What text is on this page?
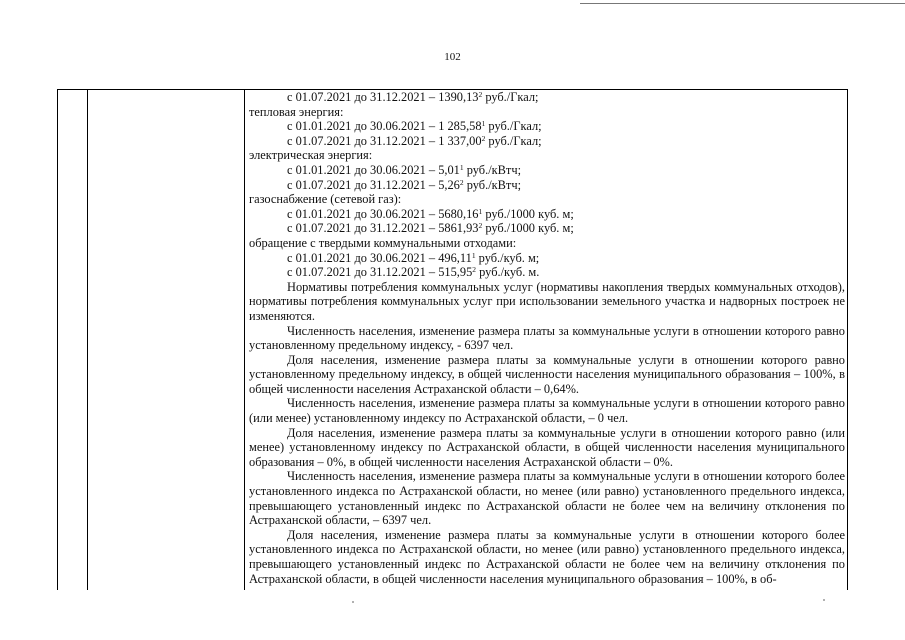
102

с 01.07.2021 до 31.12.2021 – 1390,13$^2$ руб./Гкал;

тепловая энергия:

с 01.01.2021 до 30.06.2021 – 1 285,58$^1$ руб./Гкал;

с 01.07.2021 до 31.12.2021 – 1 337,00$^2$ руб./Гкал;

электрическая энергия:

с 01.01.2021 до 30.06.2021 – 5,01$^1$ руб./кВтч;

с 01.07.2021 до 31.12.2021 – 5,26$^2$ руб./кВтч;

газоснабжение (сетевой газ):

с 01.01.2021 до 30.06.2021 – 5680,16$^1$ руб./1000 куб. м;

с 01.07.2021 до 31.12.2021 – 5861,93$^2$ руб./1000 куб. м;

обращение с твердыми коммунальными отходами:

с 01.01.2021 до 30.06.2021 – 496,11$^1$ руб./куб. м;

с 01.07.2021 до 31.12.2021 – 515,95$^2$ руб./куб. м.

Нормативы потребления коммунальных услуг (нормативы накопления твердых коммунальных отходов), нормативы потребления коммунальных услуг при использовании земельного участка и надворных построек не изменяются.

Численность населения, изменение размера платы за коммунальные услуги в отношении которого равно установленному предельному индексу, - 6397 чел.

Доля населения, изменение размера платы за коммунальные услуги в отношении которого равно установленному предельному индексу, в общей численности населения муниципального образования – 100%, в общей численности населения Астраханской области – 0,64%.

Численность населения, изменение размера платы за коммунальные услуги в отношении которого равно (или менее) установленному индексу по Астраханской области, – 0 чел.

Доля населения, изменение размера платы за коммунальные услуги в отношении которого равно (или менее) установленному индексу по Астраханской области, в общей численности населения муниципального образования – 0%, в общей численности населения Астраханской области – 0%.

Численность населения, изменение размера платы за коммунальные услуги в отношении которого более установленного индекса по Астраханской области, но менее (или равно) установленного предельного индекса, превышающего установленный индекс по Астраханской области не более чем на величину отклонения по Астраханской области, – 6397 чел.

Доля населения, изменение размера платы за коммунальные услуги в отношении которого более установленного индекса по Астраханской области, но менее (или равно) установленного предельного индекса, превышающего установленный индекс по Астраханской области не более чем на величину отклонения по Астраханской области, в общей численности населения муниципального образования – 100%, в об-
